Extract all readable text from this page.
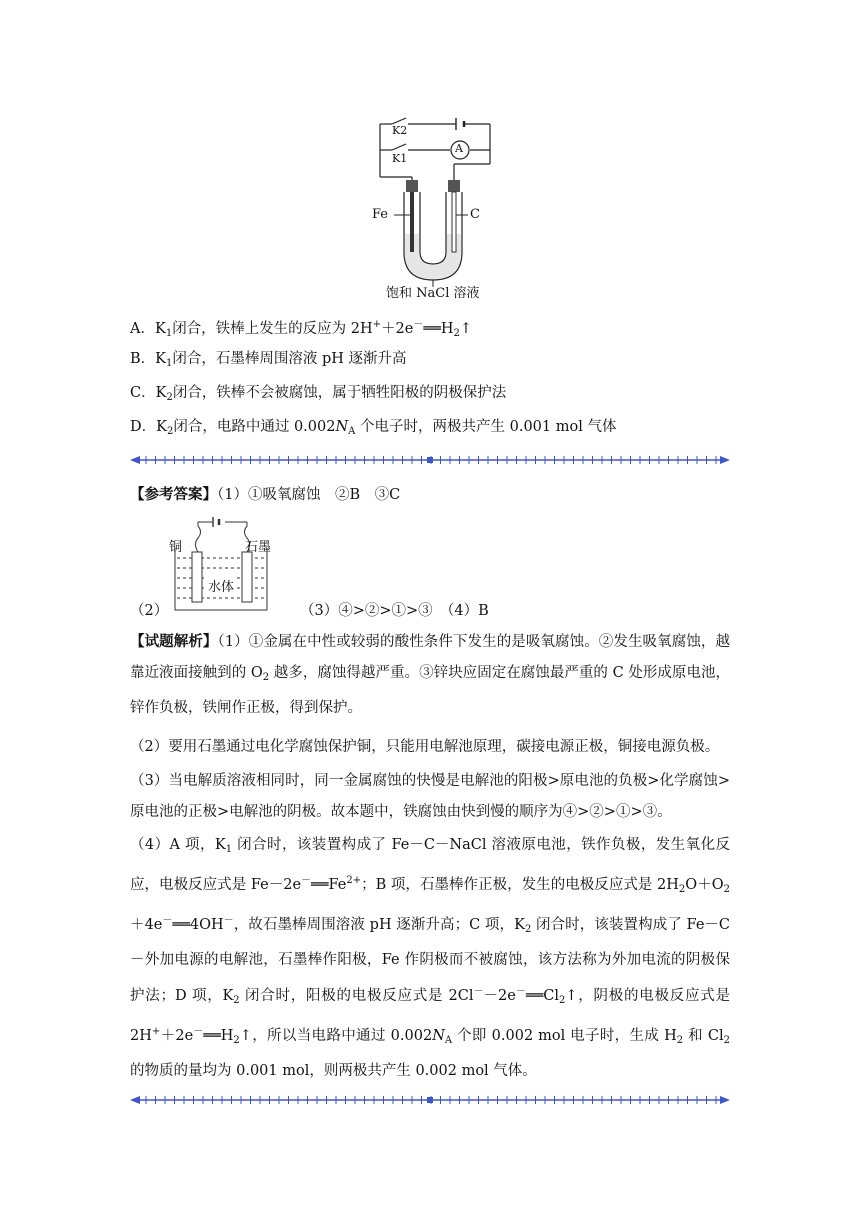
K2
K1
A
Fe	C
饱和 NaCl 溶液
A．$K_1$闭合，铁棒上发生的反应为 $2H^++2e^-══H_2↑$
B．$K_1$闭合，石墨棒周围溶液 pH 逐渐升高
C．$K_2$闭合，铁棒不会被腐蚀，属于牺牲阳极的阴极保护法
D．$K_2$闭合，电路中通过 $0.002N_A$ 个电子时，两极共产生 0.001 mol 气体
【参考答案】（1）①吸氧腐蚀　②B　③C
（2）
铜	石墨
水体
（3）④>②>①>③　（4）B
【试题解析】（1）①金属在中性或较弱的酸性条件下发生的是吸氧腐蚀。②发生吸氧腐蚀，越靠近液面接触到的 $O_2$ 越多，腐蚀得越严重。③锌块应固定在腐蚀最严重的 C 处形成原电池，锌作负极，铁闸作正极，得到保护。
（2）要用石墨通过电化学腐蚀保护铜，只能用电解池原理，碳接电源正极，铜接电源负极。
（3）当电解质溶液相同时，同一金属腐蚀的快慢是电解池的阳极>原电池的负极>化学腐蚀>原电池的正极>电解池的阴极。故本题中，铁腐蚀由快到慢的顺序为④>②>①>③。
（4）A 项，$K_1$ 闭合时，该装置构成了 Fe－C－NaCl 溶液原电池，铁作负极，发生氧化反应，电极反应式是 $Fe-2e^-══Fe^{2+}$；B 项，石墨棒作正极，发生的电极反应式是 $2H_2O+O_2+4e^-══4OH^-$，故石墨棒周围溶液 pH 逐渐升高；C 项，$K_2$ 闭合时，该装置构成了 Fe－C－外加电源的电解池，石墨棒作阳极，Fe 作阴极而不被腐蚀，该方法称为外加电流的阴极保护法；D 项，$K_2$ 闭合时，阳极的电极反应式是 $2Cl^--2e^-══Cl_2↑$，阴极的电极反应式是 $2H^++2e^-══H_2↑$，所以当电路中通过 $0.002N_A$ 个即 0.002 mol 电子时，生成 $H_2$ 和 $Cl_2$ 的物质的量均为 0.001 mol，则两极共产生 0.002 mol 气体。
